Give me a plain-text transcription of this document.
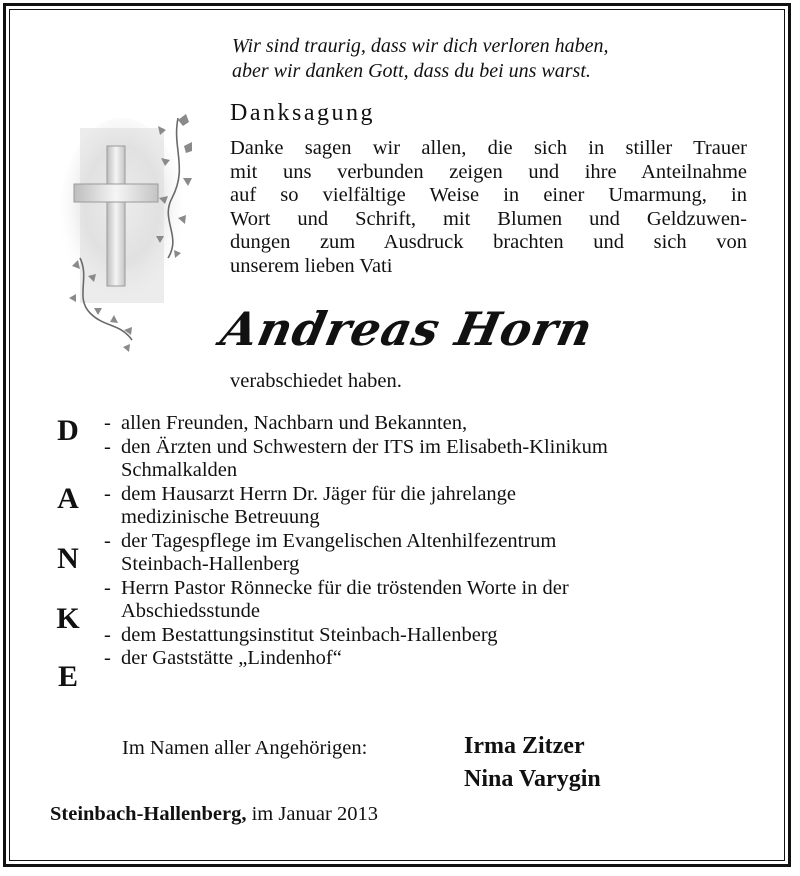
Wir sind traurig, dass wir dich verloren haben,
aber wir danken Gott, dass du bei uns warst.
Danksagung
Danke sagen wir allen, die sich in stiller Trauer
mit uns verbunden zeigen und ihre Anteilnahme
auf so vielfältige Weise in einer Umarmung, in
Wort und Schrift, mit Blumen und Geldzuwen-
dungen zum Ausdruck brachten und sich von
unserem lieben Vati
Andreas Horn
verabschiedet haben.
D
A
N
K
E
- allen Freunden, Nachbarn und Bekannten,
- den Ärzten und Schwestern der ITS im Elisabeth-Klinikum
Schmalkalden
- dem Hausarzt Herrn Dr. Jäger für die jahrelange
medizinische Betreuung
- der Tagespflege im Evangelischen Altenhilfezentrum
Steinbach-Hallenberg
- Herrn Pastor Rönnecke für die tröstenden Worte in der
Abschiedsstunde
- dem Bestattungsinstitut Steinbach-Hallenberg
- der Gaststätte „Lindenhof“
Im Namen aller Angehörigen:	Irma Zitzer
Nina Varygin
Steinbach-Hallenberg, im Januar 2013
